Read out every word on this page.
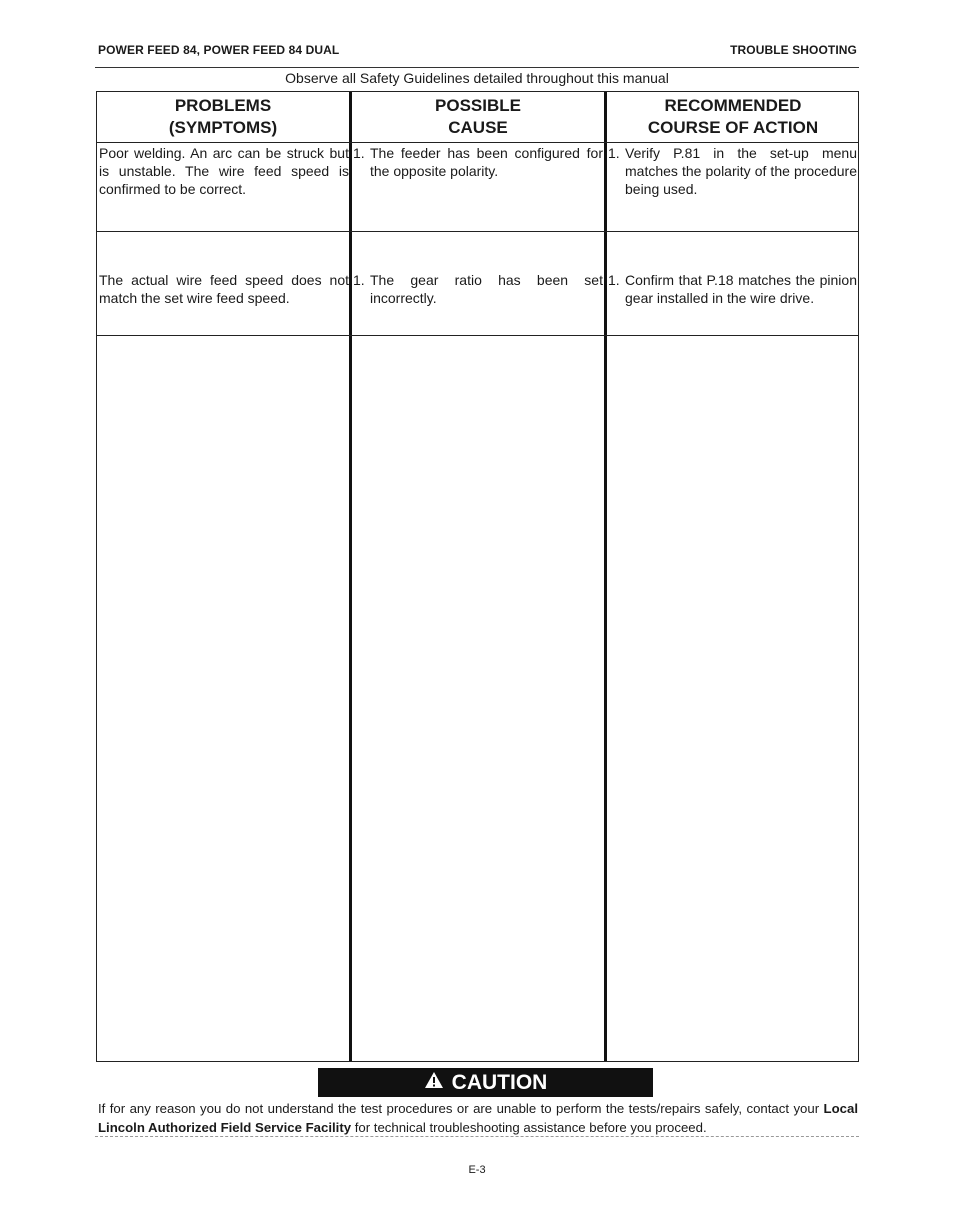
POWER FEED 84, POWER FEED 84 DUAL	TROUBLE SHOOTING
Observe all Safety Guidelines detailed throughout this manual
PROBLEMS
(SYMPTOMS)
POSSIBLE
CAUSE
RECOMMENDED
COURSE OF ACTION
Poor welding. An arc can be struck but is unstable. The wire feed speed is confirmed to be correct.
1. The feeder has been configured for the opposite polarity.
1. Verify P.81 in the set-up menu matches the polarity of the procedure being used.
The actual wire feed speed does not match the set wire feed speed.
1. The gear ratio has been set incorrectly.
1. Confirm that P.18 matches the pinion gear installed in the wire drive.
CAUTION
If for any reason you do not understand the test procedures or are unable to perform the tests/repairs safely, contact your Local Lincoln Authorized Field Service Facility for technical troubleshooting assistance before you proceed.
E-3
